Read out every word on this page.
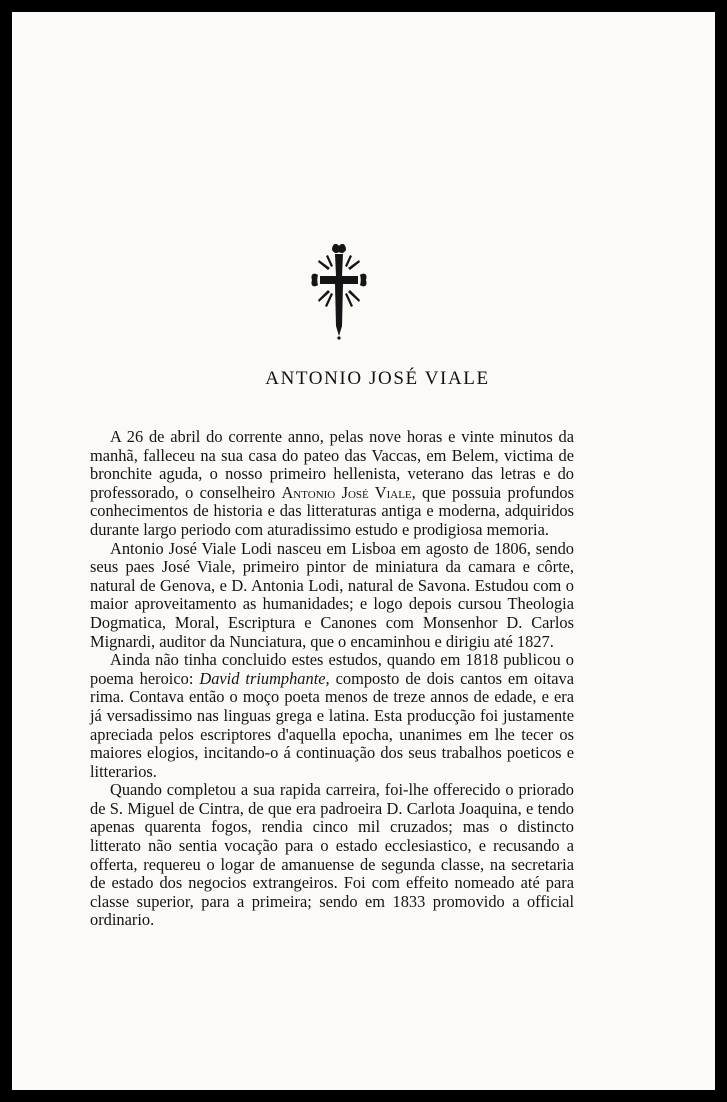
ANTONIO JOSÉ VIALE

A 26 de abril do corrente anno, pelas nove horas e vinte minutos da manhã, falleceu na sua casa do pateo das Vaccas, em Belem, victima de bronchite aguda, o nosso primeiro hellenista, veterano das letras e do professorado, o conselheiro Antonio José Viale, que possuia profundos conhecimentos de historia e das litteraturas antiga e moderna, adquiridos durante largo periodo com aturadissimo estudo e prodigiosa memoria.

Antonio José Viale Lodi nasceu em Lisboa em agosto de 1806, sendo seus paes José Viale, primeiro pintor de miniatura da camara e côrte, natural de Genova, e D. Antonia Lodi, natural de Savona. Estudou com o maior aproveitamento as humanidades; e logo depois cursou Theologia Dogmatica, Moral, Escriptura e Canones com Monsenhor D. Carlos Mignardi, auditor da Nunciatura, que o encaminhou e dirigiu até 1827.

Ainda não tinha concluido estes estudos, quando em 1818 publicou o poema heroico: David triumphante, composto de dois cantos em oitava rima. Contava então o moço poeta menos de treze annos de edade, e era já versadissimo nas linguas grega e latina. Esta producção foi justamente apreciada pelos escriptores d'aquella epocha, unanimes em lhe tecer os maiores elogios, incitando-o á continuação dos seus trabalhos poeticos e litterarios.

Quando completou a sua rapida carreira, foi-lhe offerecido o priorado de S. Miguel de Cintra, de que era padroeira D. Carlota Joaquina, e tendo apenas quarenta fogos, rendia cinco mil cruzados; mas o distincto litterato não sentia vocação para o estado ecclesiastico, e recusando a offerta, requereu o logar de amanuense de segunda classe, na secretaria de estado dos negocios extrangeiros. Foi com effeito nomeado até para classe superior, para a primeira; sendo em 1833 promovido a official ordinario.
